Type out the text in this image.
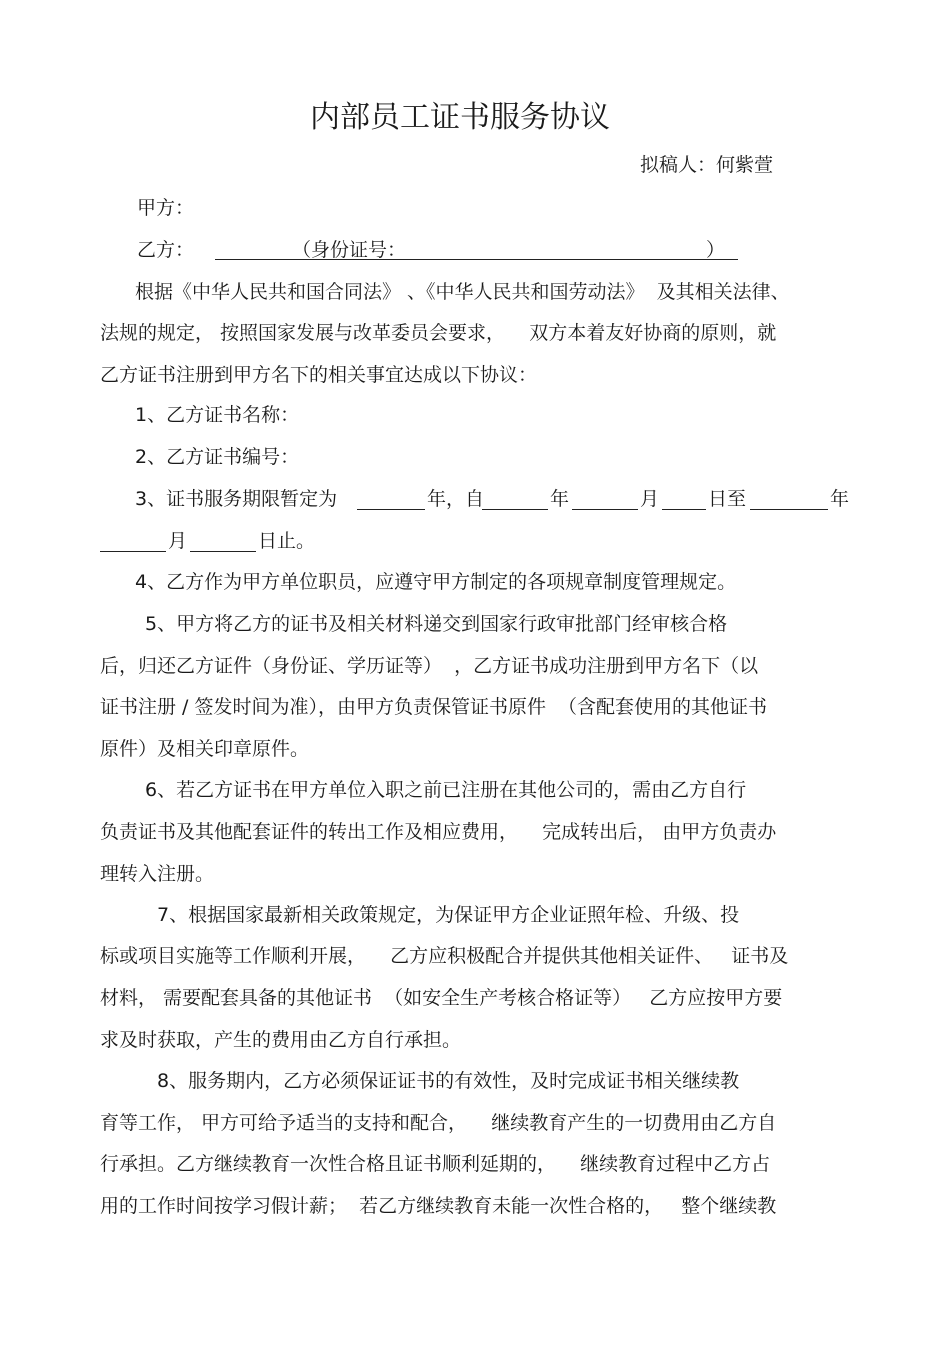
内部员工证书服务协议
拟稿人：何紫萱
甲方：
乙方：	（身份证号：	）
根据《中华人民共和国合同法》 、《中华人民共和国劳动法》  及其相关法律、
法规的规定， 按照国家发展与改革委员会要求，    双方本着友好协商的原则，就
乙方证书注册到甲方名下的相关事宜达成以下协议：
1、乙方证书名称：
2、乙方证书编号：
3、证书服务期限暂定为	年，自	年	月	日至	年
月	日止。
4、乙方作为甲方单位职员，应遵守甲方制定的各项规章制度管理规定。
5、甲方将乙方的证书及相关材料递交到国家行政审批部门经审核合格
后，归还乙方证件（身份证、学历证等）  ，乙方证书成功注册到甲方名下（以
证书注册 / 签发时间为准），由甲方负责保管证书原件  （含配套使用的其他证书
原件）及相关印章原件。
6、若乙方证书在甲方单位入职之前已注册在其他公司的，需由乙方自行
负责证书及其他配套证件的转出工作及相应费用，    完成转出后， 由甲方负责办
理转入注册。
7、根据国家最新相关政策规定，为保证甲方企业证照年检、升级、投
标或项目实施等工作顺利开展，    乙方应积极配合并提供其他相关证件、   证书及
材料， 需要配套具备的其他证书  （如安全生产考核合格证等）   乙方应按甲方要
求及时获取，产生的费用由乙方自行承担。
8、服务期内，乙方必须保证证书的有效性，及时完成证书相关继续教
育等工作， 甲方可给予适当的支持和配合，    继续教育产生的一切费用由乙方自
行承担。乙方继续教育一次性合格且证书顺利延期的，    继续教育过程中乙方占
用的工作时间按学习假计薪；  若乙方继续教育未能一次性合格的，   整个继续教
